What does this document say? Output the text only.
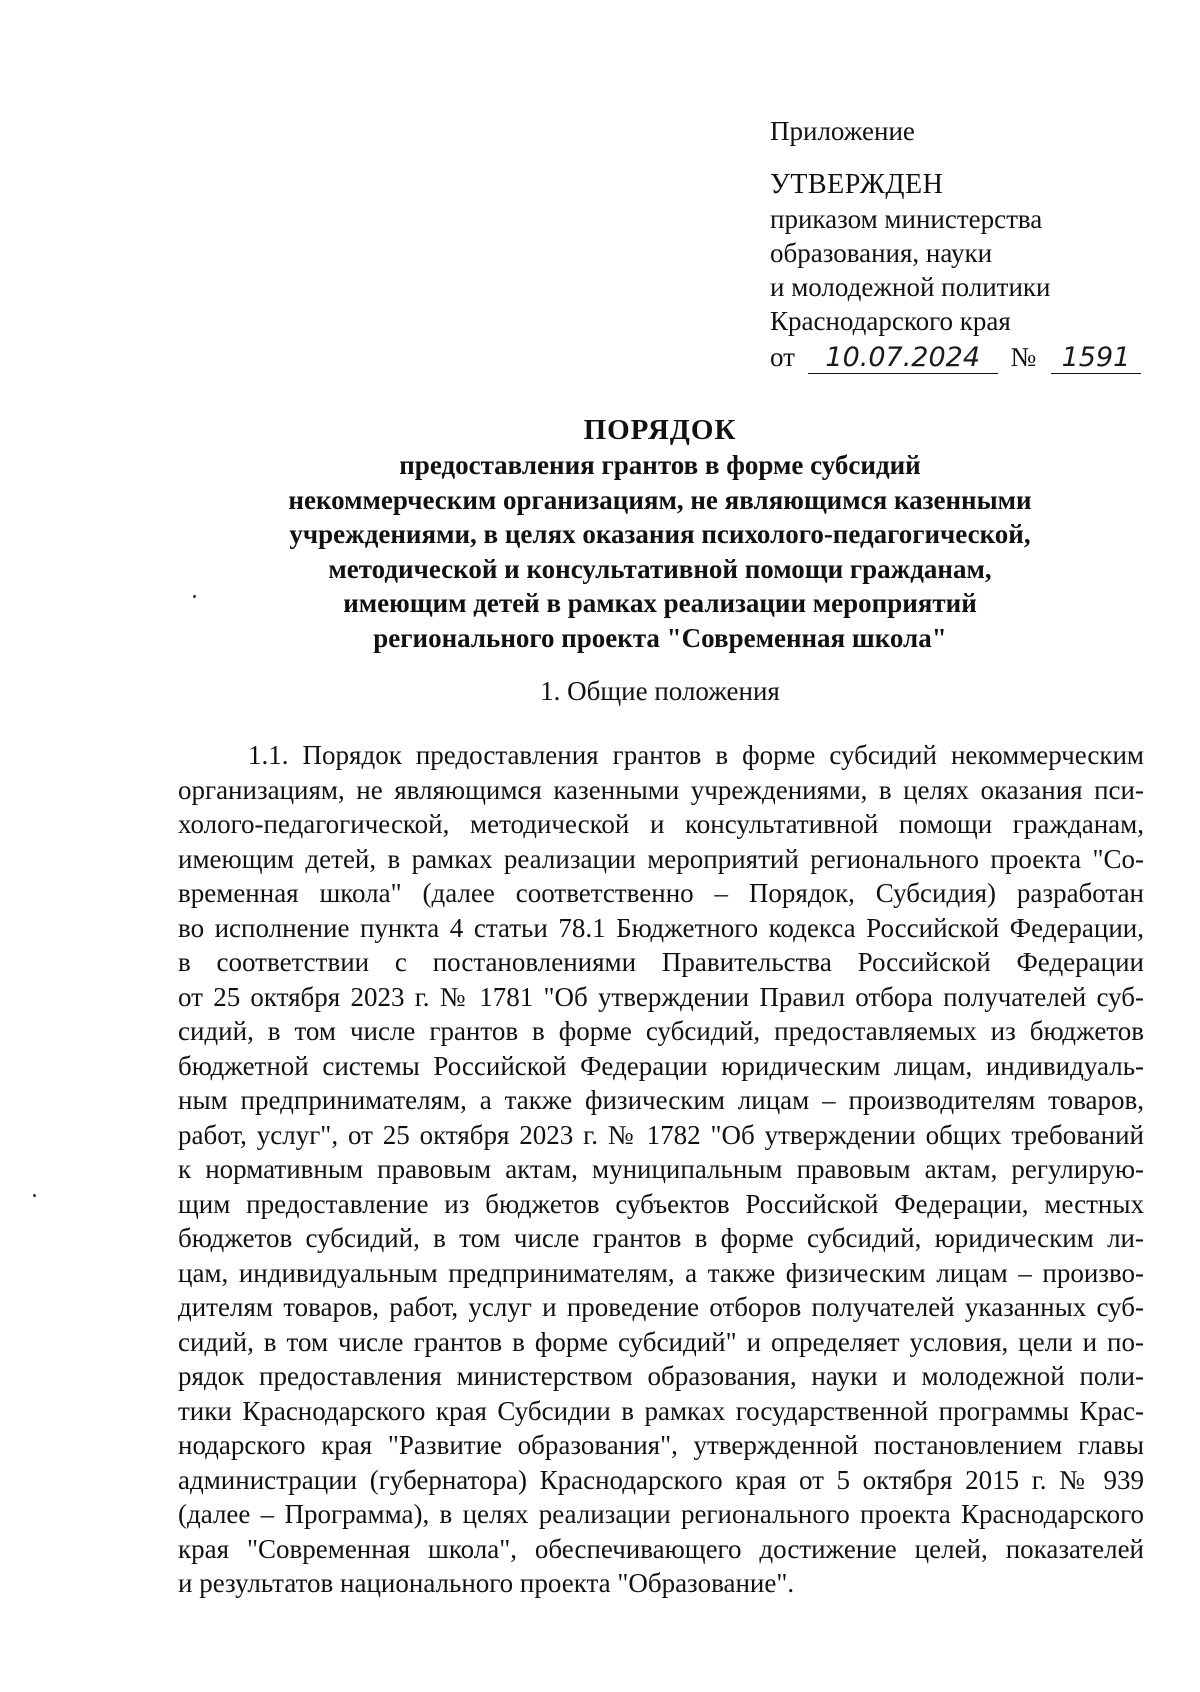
Приложение
УТВЕРЖДЕН
приказом министерства
образования, науки
и молодежной политики
Краснодарского края
от 10.07.2024 № 1591
ПОРЯДОК
предоставления грантов в форме субсидий
некоммерческим организациям, не являющимся казенными
учреждениями, в целях оказания психолого-педагогической,
методической и консультативной помощи гражданам,
имеющим детей в рамках реализации мероприятий
регионального проекта "Современная школа"
1. Общие положения
1.1. Порядок предоставления грантов в форме субсидий некоммерческим
организациям, не являющимся казенными учреждениями, в целях оказания пси-
холого-педагогической, методической и консультативной помощи гражданам,
имеющим детей, в рамках реализации мероприятий регионального проекта "Со-
временная школа" (далее соответственно – Порядок, Субсидия) разработан
во исполнение пункта 4 статьи 78.1 Бюджетного кодекса Российской Федерации,
в соответствии с постановлениями Правительства Российской Федерации
от 25 октября 2023 г. № 1781 "Об утверждении Правил отбора получателей суб-
сидий, в том числе грантов в форме субсидий, предоставляемых из бюджетов
бюджетной системы Российской Федерации юридическим лицам, индивидуаль-
ным предпринимателям, а также физическим лицам – производителям товаров,
работ, услуг", от 25 октября 2023 г. № 1782 "Об утверждении общих требований
к нормативным правовым актам, муниципальным правовым актам, регулирую-
щим предоставление из бюджетов субъектов Российской Федерации, местных
бюджетов субсидий, в том числе грантов в форме субсидий, юридическим ли-
цам, индивидуальным предпринимателям, а также физическим лицам – произво-
дителям товаров, работ, услуг и проведение отборов получателей указанных суб-
сидий, в том числе грантов в форме субсидий" и определяет условия, цели и по-
рядок предоставления министерством образования, науки и молодежной поли-
тики Краснодарского края Субсидии в рамках государственной программы Крас-
нодарского края "Развитие образования", утвержденной постановлением главы
администрации (губернатора) Краснодарского края от 5 октября 2015 г. № 939
(далее – Программа), в целях реализации регионального проекта Краснодарского
края "Современная школа", обеспечивающего достижение целей, показателей
и результатов национального проекта "Образование".
